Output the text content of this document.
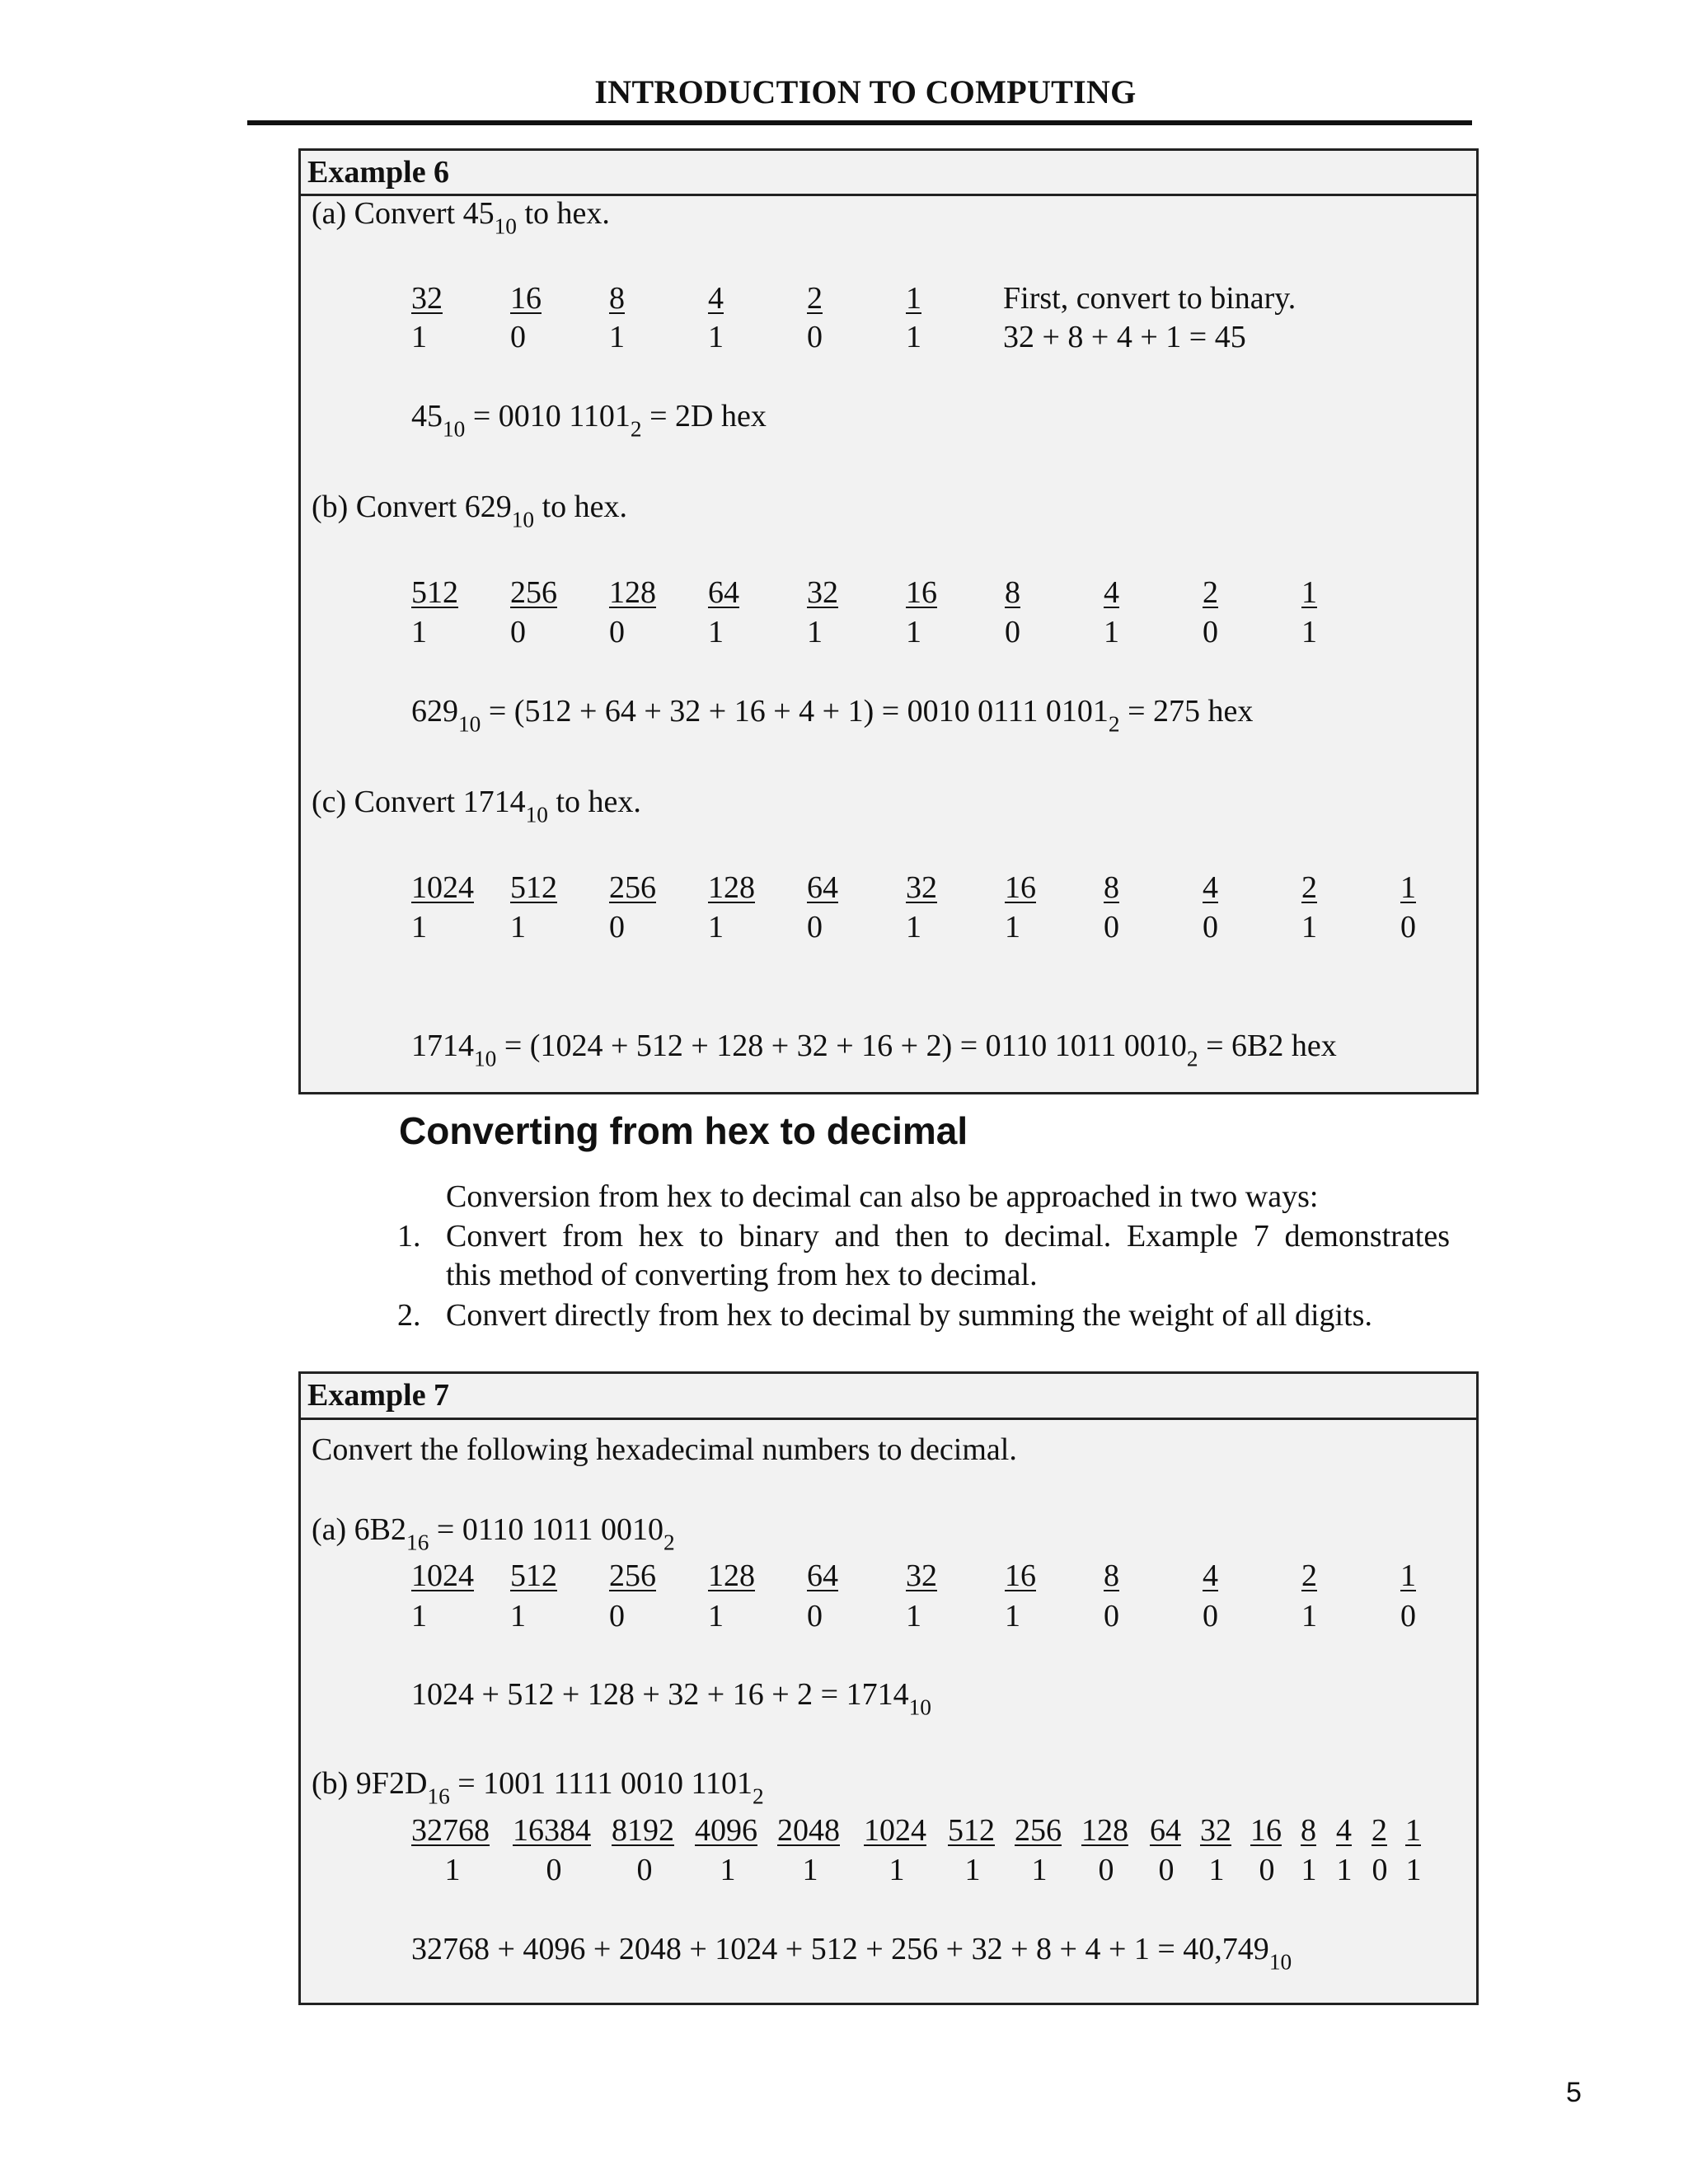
INTRODUCTION TO COMPUTING
Example 6
(a) Convert $45_{10}$ to hex.
32 16 8	4	2	1
1	0	1	1	0	1
First, convert to binary.
32 + 8 + 4 + 1 = 45
$45_{10} = 0010$ $1101_2 = 2D$ hex
(b) Convert $629_{10}$ to hex.
512 256 128 64 32 16 8	4	2	1
1	0	0	1	1	1	0	1	0	1
$629_{10} = (512 + 64 + 32 + 16 + 4 + 1) = 0010$ 0111 $0101_2 = 275$ hex
(c) Convert $1714_{10}$ to hex.
1024 512 256 128 64 32 16 8	4	2	1
1	1	0	1	0	1	1	0	0	1	0
$1714_{10} = (1024 + 512 + 128 + 32 + 16 + 2) = 0110$ 1011 $0010_2 = 6B2$ hex
Converting from hex to decimal
Conversion from hex to decimal can also be approached in two ways:
1. Convert from hex to binary and then to decimal. Example 7 demonstrates
this method of converting from hex to decimal.
2. Convert directly from hex to decimal by summing the weight of all digits.
Example 7
Convert the following hexadecimal numbers to decimal.
(a) $6B2_{16} = 0110$ 1011 $0010_2$
1024 512 256 128 64 32 16 8	4	2	1
1	1	0	1	0	1	1	0	0	1	0
$1024 + 512 + 128 + 32 + 16 + 2 = 1714_{10}$
(b) $9F2D_{16} = 1001$ 1111 0010 $1101_2$
32768 16384 8192 4096 2048 1024 512 256 128 64 32 16 8 4 2 1
1	0 0 1 1 1 1 1 0 0 1 0 1 1 0 1
$32768 + 4096 + 2048 + 1024 + 512 + 256 + 32 + 8 + 4 + 1 = 40,749_{10}$
5
